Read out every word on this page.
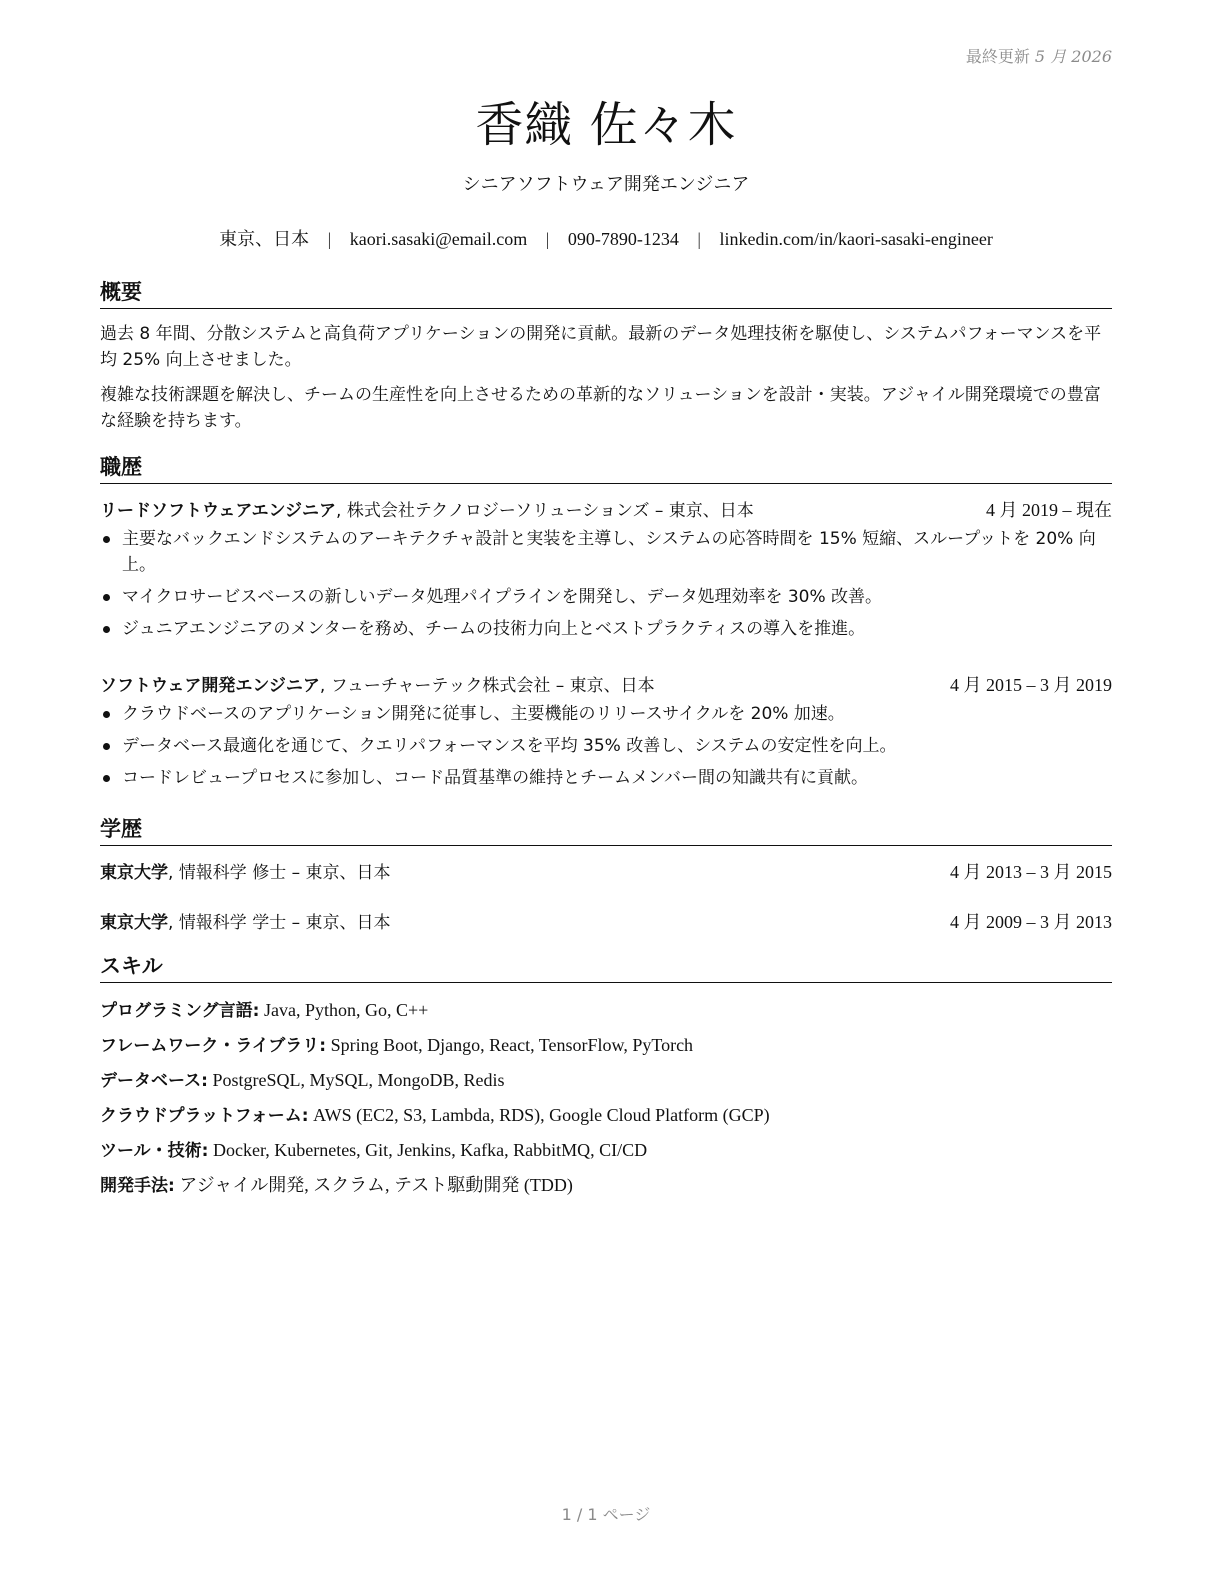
最終更新 5 月 2026
香織 佐々木
シニアソフトウェア開発エンジニア
東京、日本 | kaori.sasaki@email.com | 090-7890-1234 | linkedin.com/in/kaori-sasaki-engineer
概要
過去 8 年間、分散システムと高負荷アプリケーションの開発に貢献。最新のデータ処理技術を駆使し、システムパフォーマンスを平均 25% 向上させました。
複雑な技術課題を解決し、チームの生産性を向上させるための革新的なソリューションを設計・実装。アジャイル開発環境での豊富な経験を持ちます。
職歴
リードソフトウェアエンジニア, 株式会社テクノロジーソリューションズ – 東京、日本	4 月 2019 – 現在
主要なバックエンドシステムのアーキテクチャ設計と実装を主導し、システムの応答時間を 15% 短縮、スループットを 20% 向上。
マイクロサービスベースの新しいデータ処理パイプラインを開発し、データ処理効率を 30% 改善。
ジュニアエンジニアのメンターを務め、チームの技術力向上とベストプラクティスの導入を推進。
ソフトウェア開発エンジニア, フューチャーテック株式会社 – 東京、日本	4 月 2015 – 3 月 2019
クラウドベースのアプリケーション開発に従事し、主要機能のリリースサイクルを 20% 加速。
データベース最適化を通じて、クエリパフォーマンスを平均 35% 改善し、システムの安定性を向上。
コードレビュープロセスに参加し、コード品質基準の維持とチームメンバー間の知識共有に貢献。
学歴
東京大学, 情報科学 修士 – 東京、日本	4 月 2013 – 3 月 2015
東京大学, 情報科学 学士 – 東京、日本	4 月 2009 – 3 月 2013
スキル
プログラミング言語: Java, Python, Go, C++
フレームワーク・ライブラリ: Spring Boot, Django, React, TensorFlow, PyTorch
データベース: PostgreSQL, MySQL, MongoDB, Redis
クラウドプラットフォーム: AWS (EC2, S3, Lambda, RDS), Google Cloud Platform (GCP)
ツール・技術: Docker, Kubernetes, Git, Jenkins, Kafka, RabbitMQ, CI/CD
開発手法: アジャイル開発, スクラム, テスト駆動開発 (TDD)
1 / 1 ページ
